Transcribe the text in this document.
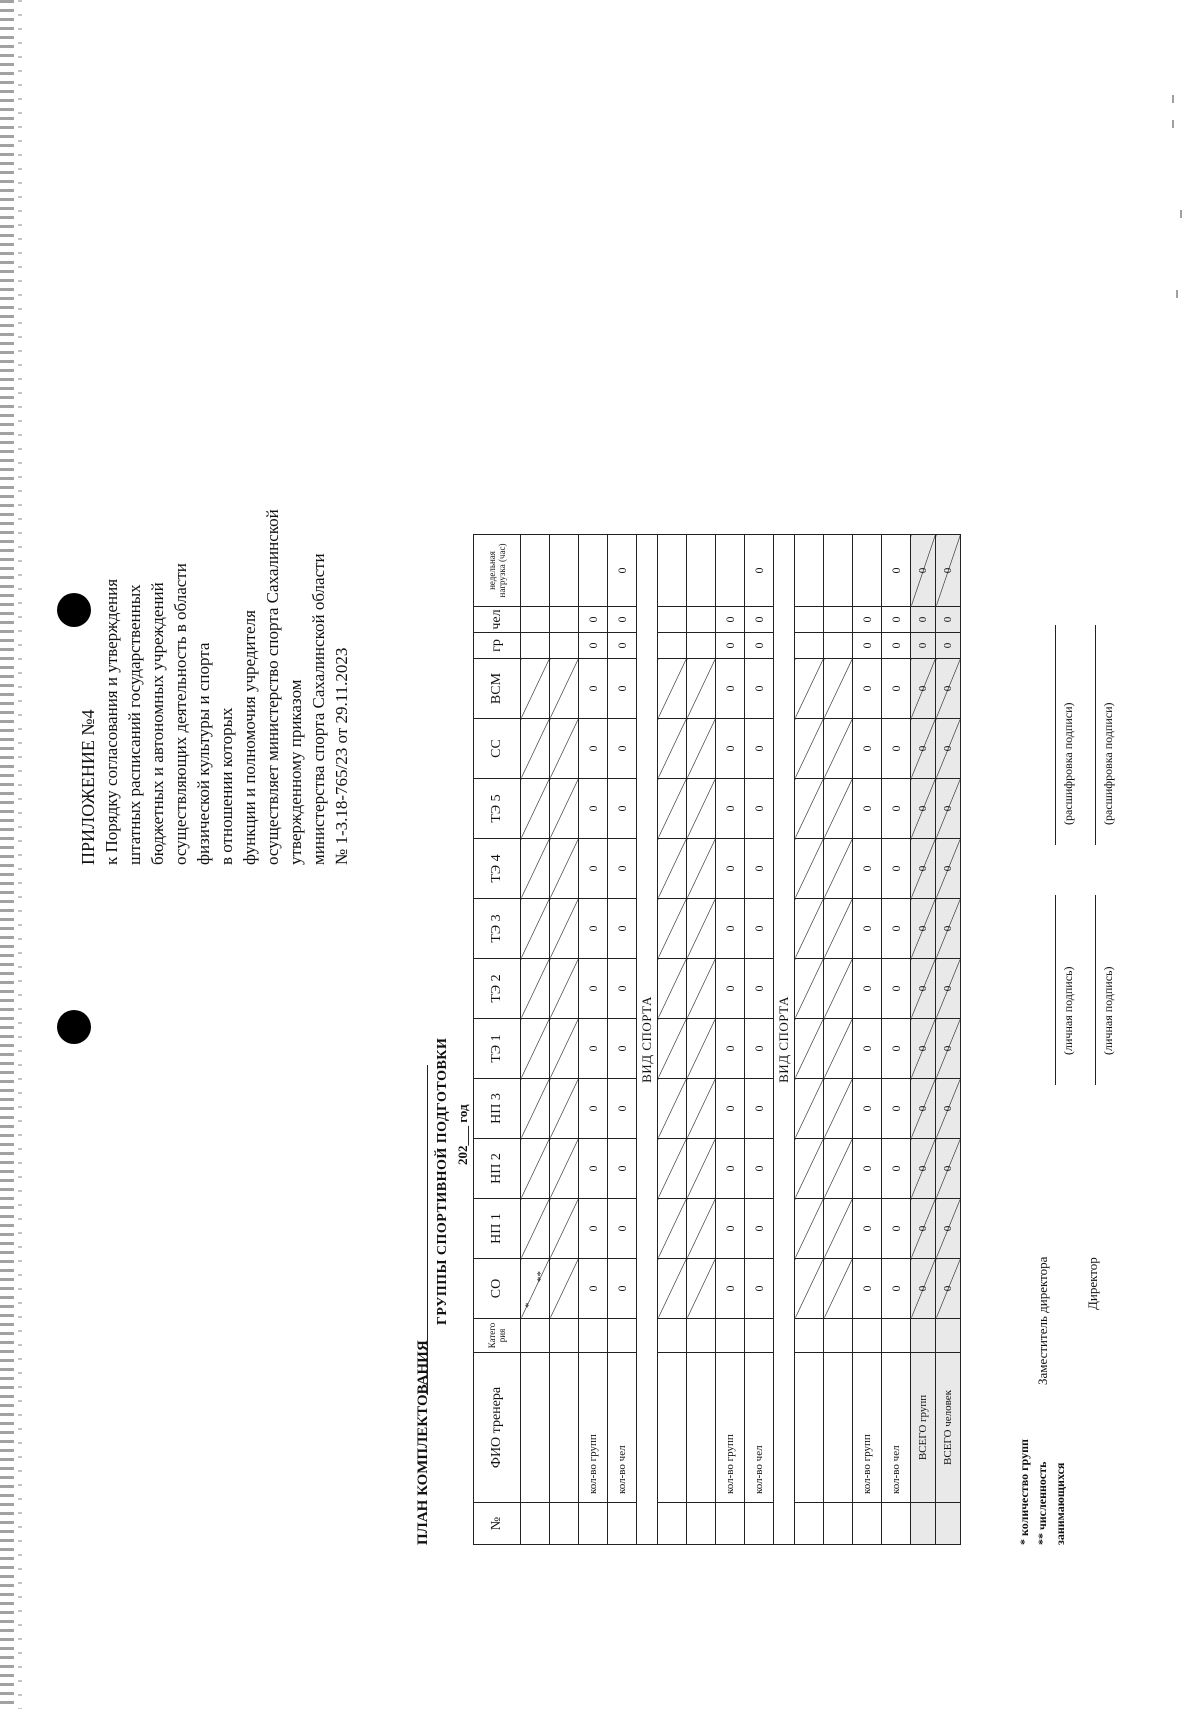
ПРИЛОЖЕНИЕ №4 к Порядку согласования и утверждения штатных расписаний государственных бюджетных и автономных учреждений осуществляющих деятельность в области физической культуры и спорта в отношении которых функции и полномочия учредителя осуществляет министерство спорта Сахалинской утвержденному приказом министерства спорта Сахалинской области № 1-3.18-765/23 от 29.11.2023
ПЛАН КОМПЛЕКТОВАНИЯ
ГРУППЫ СПОРТИВНОЙ ПОДГОТОВКИ 202___ год
№	ФИО тренера	Катего рия	СО	НП 1	НП 2	НП 3	ТЭ 1	ТЭ 2	ТЭ 3	ТЭ 4	ТЭ 5	СС	ВСМ	гр	чел	недельная нагрузка (час)

			*
**													

	кол-во групп		0	0	0	0	0	0	0	0	0	0	0	0	0	
	кол-во чел		0	0	0	0	0	0	0	0	0	0	0	0	0	0
ВИД СПОРТА																

	кол-во групп		0	0	0	0	0	0	0	0	0	0	0	0	0	
	кол-во чел		0	0	0	0	0	0	0	0	0	0	0	0	0	0
ВИД СПОРТА																

	кол-во групп		0	0	0	0	0	0	0	0	0	0	0	0	0	
	кол-во чел		0	0	0	0	0	0	0	0	0	0	0	0	0	0
	ВСЕГО групп		0	0	0	0	0	0	0	0	0	0	0	0	0	0
	ВСЕГО человек		0	0	0	0	0	0	0	0	0	0	0	0	0	0
* количество групп ** численность занимающихся
Заместитель директора
(личная подпись)
(расшифровка подписи)
Директор
(личная подпись)
(расшифровка подписи)
